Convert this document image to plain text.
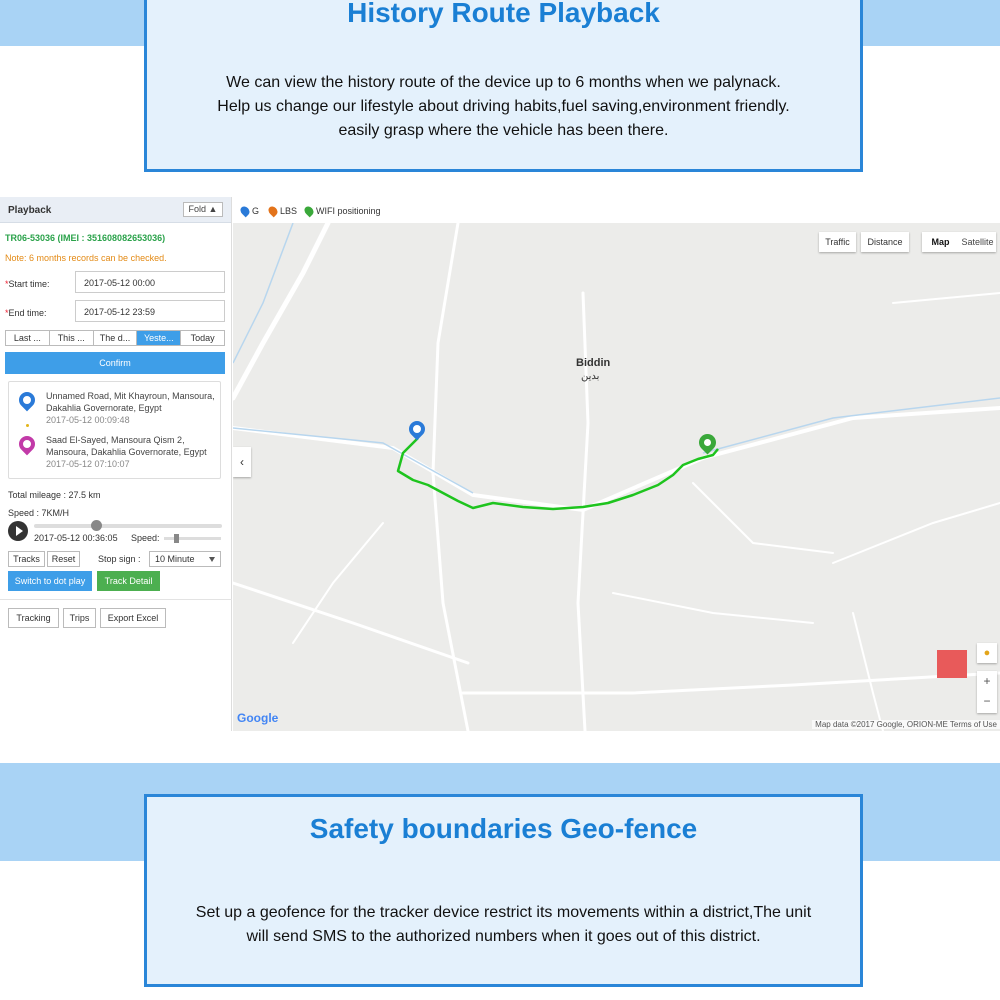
History Route Playback
We can view the history route of the device up to 6 months when we palynack.
Help us change our lifestyle about driving habits,fuel saving,environment friendly.
easily grasp where the vehicle has been there.
Playback	Fold ▲
TR06-53036 (IMEI : 351608082653036)
Note: 6 months records can be checked.
*Start time:	2017-05-12 00:00
*End time:	2017-05-12 23:59
Last ...	This ...	The d...	Yeste...	Today
Confirm
Unnamed Road, Mit Khayroun, Mansoura, Dakahlia Governorate, Egypt
2017-05-12 00:09:48
Saad El-Sayed, Mansoura Qism 2, Mansoura, Dakahlia Governorate, Egypt
2017-05-12 07:10:07
Total mileage : 27.5 km
Speed : 7KM/H
2017-05-12 00:36:05 Speed:
Tracks	Reset	Stop sign :	10 Minute
Switch to dot play	Track Detail
Tracking	Trips	Export Excel
G LBS WIFI positioning
Traffic	Distance	Map	Satellite
‹
Biddin
بدين
●
+
−
Google	Map data ©2017 Google, ORION-ME Terms of Use
Safety boundaries Geo-fence
Set up a geofence for the tracker device restrict its movements within a district,The unit
will send SMS to the authorized numbers when it goes out of this district.
